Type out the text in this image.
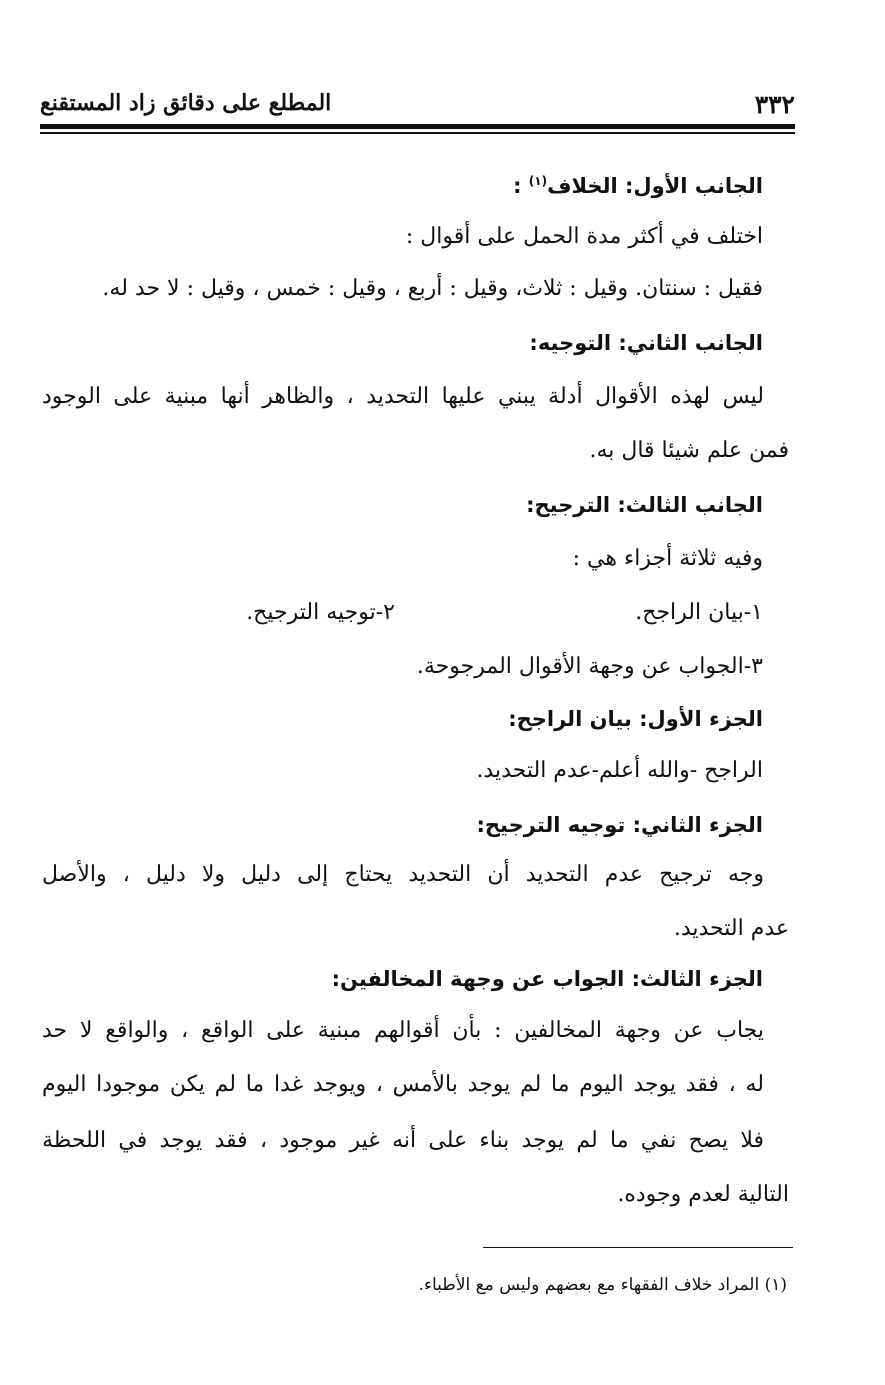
٣٣٢
المطلع على دقائق زاد المستقنع
الجانب الأول: الخلاف$^{(١)}$ :
اختلف في أكثر مدة الحمل على أقوال :
فقيل : سنتان. وقيل : ثلاث، وقيل : أربع ، وقيل : خمس ، وقيل : لا حد له.
الجانب الثاني: التوجيه:
ليس لهذه الأقوال أدلة يبني عليها التحديد ، والظاهر أنها مبنية على الوجود
فمن علم شيئا قال به.
الجانب الثالث: الترجيح:
وفيه ثلاثة أجزاء هي :
١-بيان الراجح.
٢-توجيه الترجيح.
٣-الجواب عن وجهة الأقوال المرجوحة.
الجزء الأول: بيان الراجح:
الراجح -والله أعلم-عدم التحديد.
الجزء الثاني: توجيه الترجيح:
وجه ترجيح عدم التحديد أن التحديد يحتاج إلى دليل ولا دليل ، والأصل
عدم التحديد.
الجزء الثالث: الجواب عن وجهة المخالفين:
يجاب عن وجهة المخالفين : بأن أقوالهم مبنية على الواقع ، والواقع لا حد
له ، فقد يوجد اليوم ما لم يوجد بالأمس ، ويوجد غدا ما لم يكن موجودا اليوم
فلا يصح نفي ما لم يوجد بناء على أنه غير موجود ، فقد يوجد في اللحظة
التالية لعدم وجوده.
(١) المراد خلاف الفقهاء مع بعضهم وليس مع الأطباء.
